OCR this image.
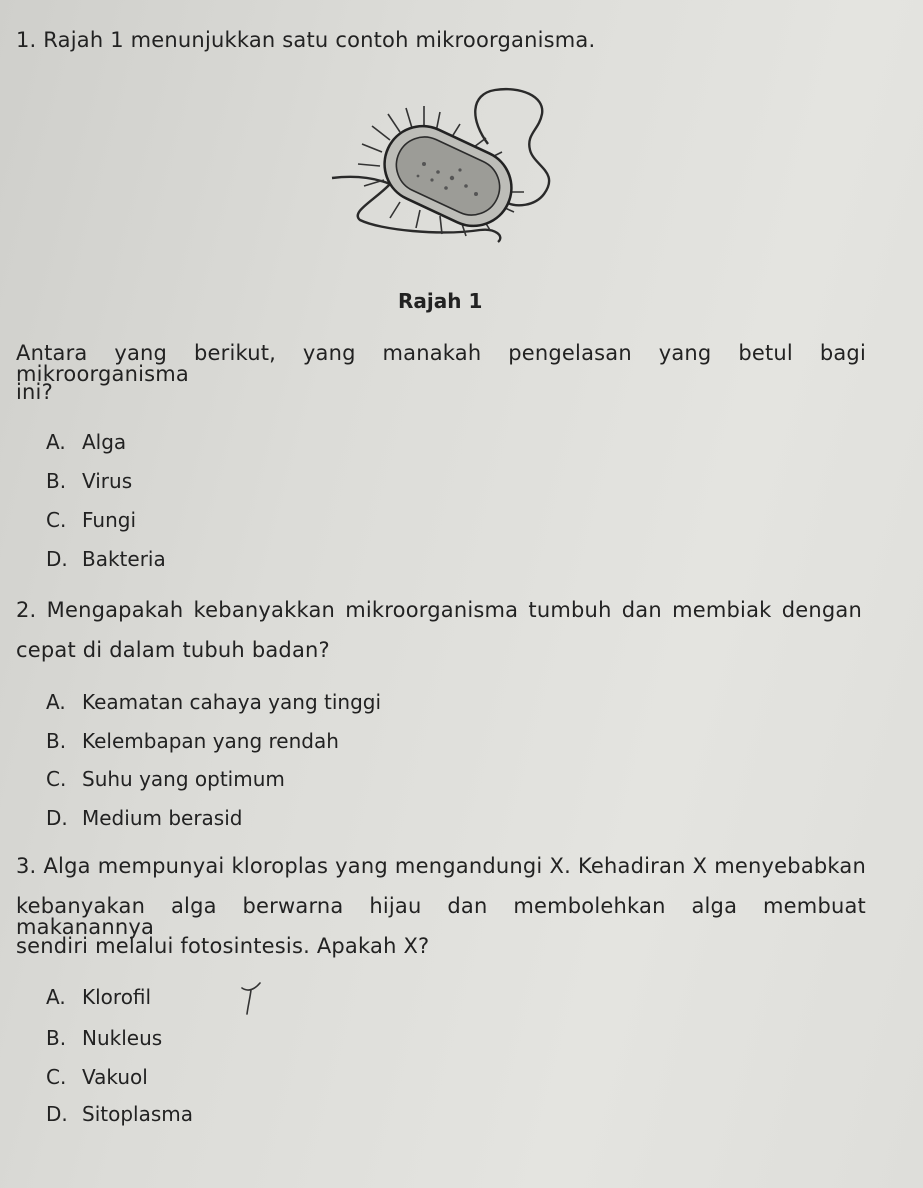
1. Rajah 1 menunjukkan satu contoh mikroorganisma.
Rajah 1
Antara yang berikut, yang manakah pengelasan yang betul bagi mikroorganisma
ini?
A. Alga
B. Virus
C. Fungi
D. Bakteria
2. Mengapakah kebanyakkan mikroorganisma tumbuh dan membiak dengan
cepat di dalam tubuh badan?
A. Keamatan cahaya yang tinggi
B. Kelembapan yang rendah
C. Suhu yang optimum
D. Medium berasid
3. Alga mempunyai kloroplas yang mengandungi X. Kehadiran X menyebabkan
kebanyakan alga berwarna hijau dan membolehkan alga membuat makanannya
sendiri melalui fotosintesis. Apakah X?
A. Klorofil
B. Nukleus
C. Vakuol
D. Sitoplasma
